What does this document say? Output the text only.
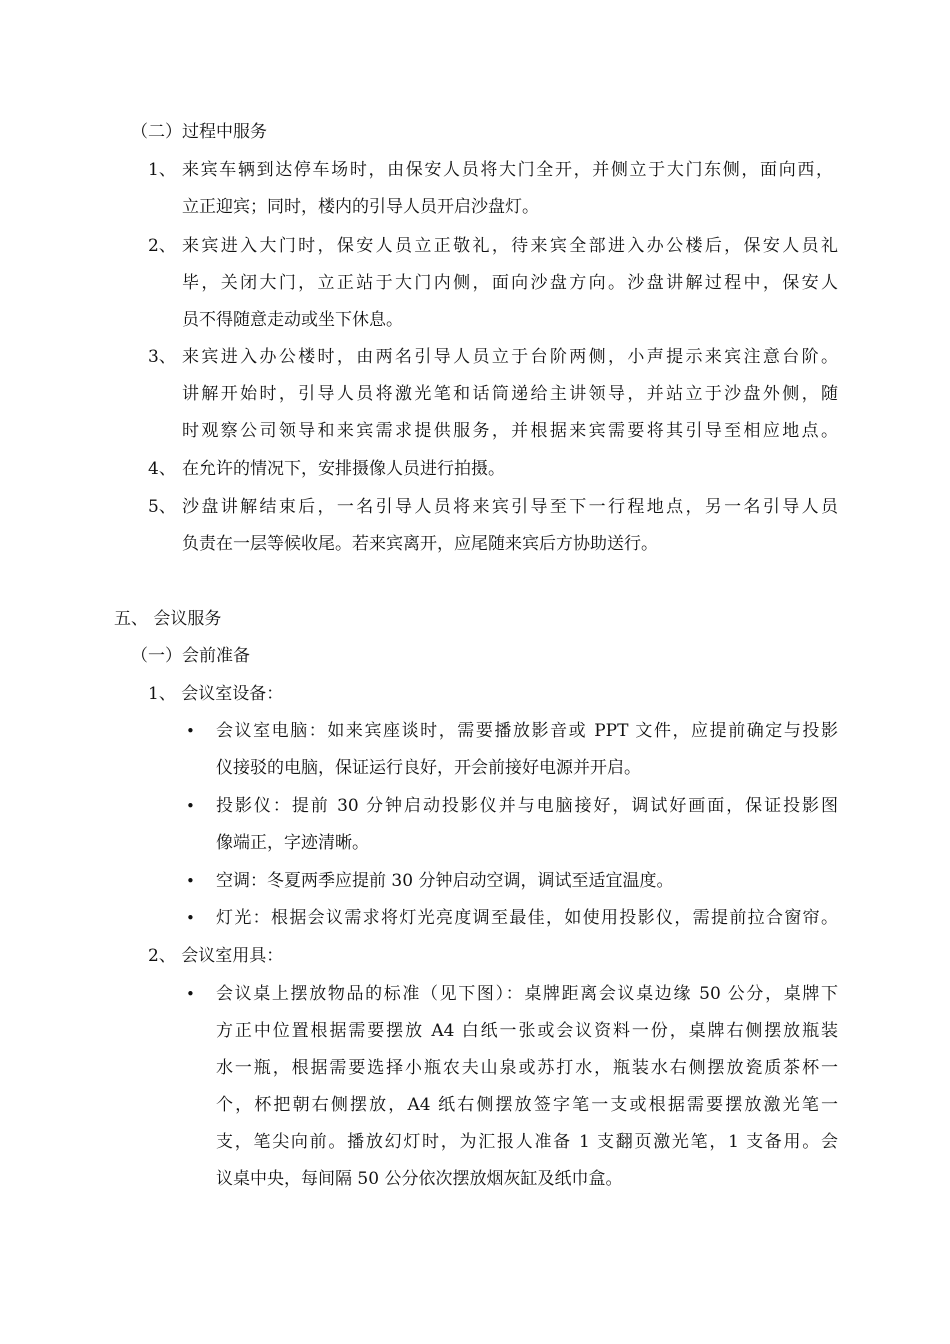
（二）过程中服务
1、 来宾车辆到达停车场时，由保安人员将大门全开，并侧立于大门东侧，面向西，
立正迎宾；同时，楼内的引导人员开启沙盘灯。
2、 来宾进入大门时，保安人员立正敬礼，待来宾全部进入办公楼后，保安人员礼
毕，关闭大门，立正站于大门内侧，面向沙盘方向。沙盘讲解过程中，保安人
员不得随意走动或坐下休息。
3、 来宾进入办公楼时，由两名引导人员立于台阶两侧，小声提示来宾注意台阶。
讲解开始时，引导人员将激光笔和话筒递给主讲领导，并站立于沙盘外侧，随
时观察公司领导和来宾需求提供服务，并根据来宾需要将其引导至相应地点。
4、 在允许的情况下，安排摄像人员进行拍摄。
5、 沙盘讲解结束后，一名引导人员将来宾引导至下一行程地点，另一名引导人员
负责在一层等候收尾。若来宾离开，应尾随来宾后方协助送行。
五、 会议服务
（一）会前准备
1、 会议室设备：
• 会议室电脑：如来宾座谈时，需要播放影音或 PPT 文件，应提前确定与投影
仪接驳的电脑，保证运行良好，开会前接好电源并开启。
• 投影仪：提前 30 分钟启动投影仪并与电脑接好，调试好画面，保证投影图
像端正，字迹清晰。
• 空调：冬夏两季应提前 30 分钟启动空调，调试至适宜温度。
• 灯光：根据会议需求将灯光亮度调至最佳，如使用投影仪，需提前拉合窗帘。
2、 会议室用具：
• 会议桌上摆放物品的标准（见下图）：桌牌距离会议桌边缘 50 公分，桌牌下
方正中位置根据需要摆放 A4 白纸一张或会议资料一份，桌牌右侧摆放瓶装
水一瓶，根据需要选择小瓶农夫山泉或苏打水，瓶装水右侧摆放瓷质茶杯一
个，杯把朝右侧摆放，A4 纸右侧摆放签字笔一支或根据需要摆放激光笔一
支，笔尖向前。播放幻灯时，为汇报人准备 1 支翻页激光笔，1 支备用。会
议桌中央，每间隔 50 公分依次摆放烟灰缸及纸巾盒。
